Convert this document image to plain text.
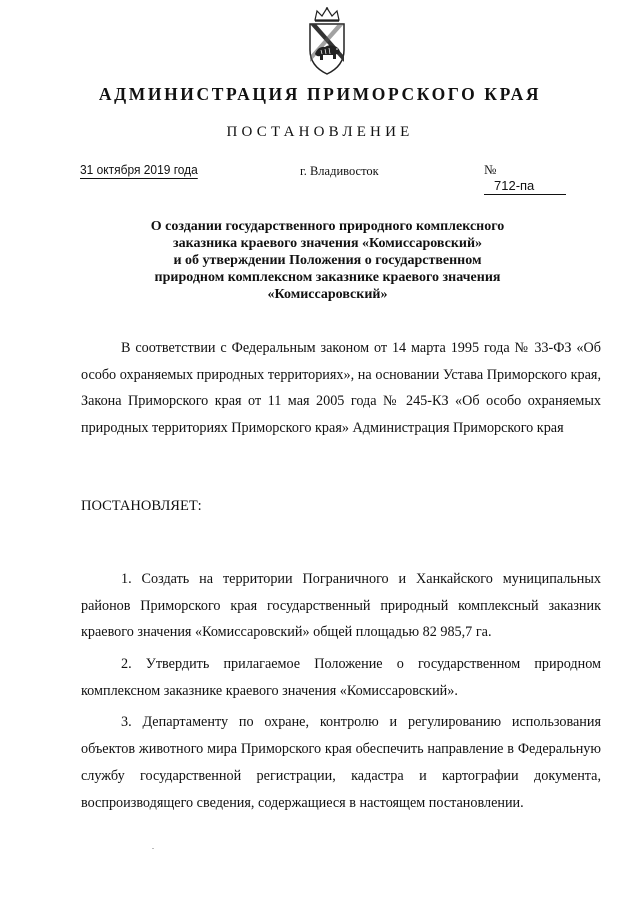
АДМИНИСТРАЦИЯ ПРИМОРСКОГО КРАЯ
ПОСТАНОВЛЕНИЕ
31 октября 2019 года	г. Владивосток	№712-па
О создании государственного природного комплексного
заказника краевого значения «Комиссаровский»
и об утверждении Положения о государственном
природном комплексном заказнике краевого значения
«Комиссаровский»
В соответствии с Федеральным законом от 14 марта 1995 года № 33-ФЗ «Об особо охраняемых природных территориях», на основании Устава Приморского края, Закона Приморского края от 11 мая 2005 года № 245-КЗ «Об особо охраняемых природных территориях Приморского края» Администрация Приморского края
ПОСТАНОВЛЯЕТ:
1. Создать на территории Пограничного и Ханкайского муниципальных районов Приморского края государственный природный комплексный заказник краевого значения «Комиссаровский» общей площадью 82 985,7 га.
2. Утвердить прилагаемое Положение о государственном природном комплексном заказнике краевого значения «Комиссаровский».
3. Департаменту по охране, контролю и регулированию использования объектов животного мира Приморского края обеспечить направление в Федеральную службу государственной регистрации, кадастра и картографии документа, воспроизводящего сведения, содержащиеся в настоящем постановлении.
